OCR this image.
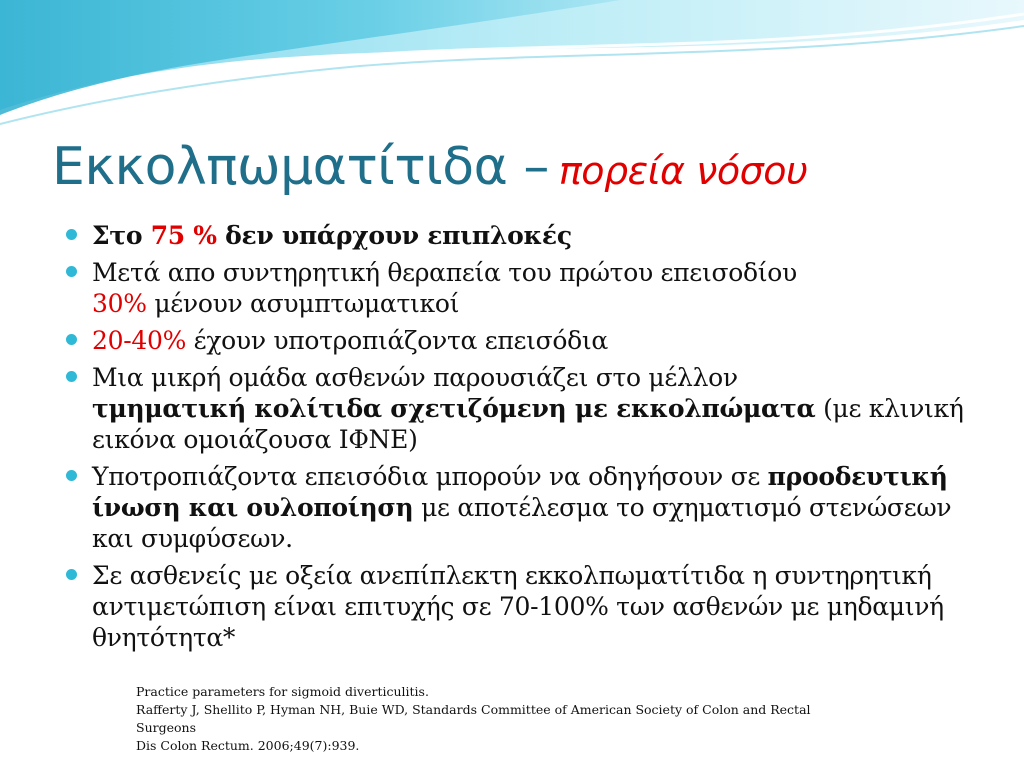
Εκκολπωματίτιδα – πορεία νόσου
Στο 75 % δεν υπάρχουν επιπλοκές
Μετά απο συντηρητική θεραπεία του πρώτου επεισοδίου
30% μένουν ασυμπτωματικοί
20-40% έχουν υποτροπιάζοντα επεισόδια
Μια μικρή ομάδα ασθενών παρουσιάζει στο μέλλον
τμηματική κολίτιδα σχετιζόμενη με εκκολπώματα (με κλινική εικόνα ομοιάζουσα ΙΦΝΕ)
Υποτροπιάζοντα επεισόδια μπορούν να οδηγήσουν σε προοδευτική ίνωση και ουλοποίηση με αποτέλεσμα το σχηματισμό στενώσεων και συμφύσεων.
Σε ασθενείς με οξεία ανεπίπλεκτη εκκολπωματίτιδα η συντηρητική αντιμετώπιση είναι επιτυχής σε 70-100% των ασθενών με μηδαμινή θνητότητα*
Practice parameters for sigmoid diverticulitis.
Rafferty J, Shellito P, Hyman NH, Buie WD, Standards Committee of American Society of Colon and Rectal
Surgeons
Dis Colon Rectum. 2006;49(7):939.
